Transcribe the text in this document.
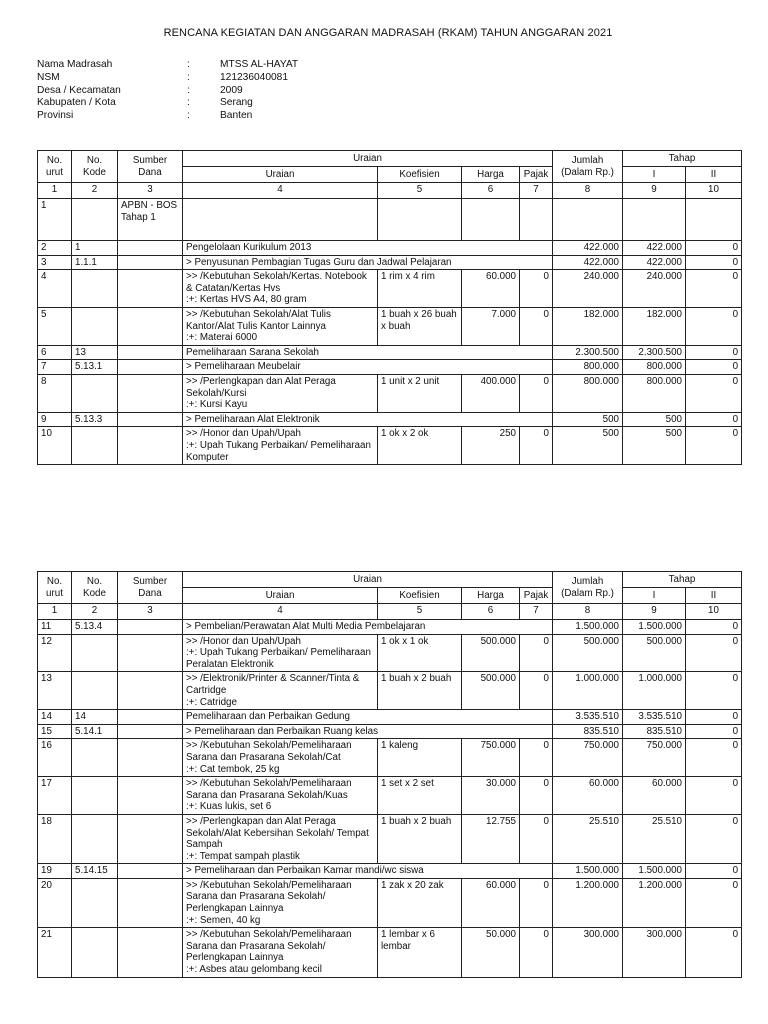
RENCANA KEGIATAN DAN ANGGARAN MADRASAH (RKAM) TAHUN ANGGARAN 2021
Nama Madrasah	:	MTSS AL-HAYAT
NSM	:	121236040081
Desa / Kecamatan	:	2009
Kabupaten / Kota	:	Serang
Provinsi	:	Banten
No. urut	No. Kode	Sumber Dana	Uraian				Jumlah (Dalam Rp.)	Tahap	
			Uraian	Koefisien	Harga	Pajak		I	II
1	2	3	4	5	6	7	8	9	10
1		APBN - BOS Tahap 1							
2	1		Pengelolaan Kurikulum 2013				422.000	422.000	0
3	1.1.1		> Penyusunan Pembagian Tugas Guru dan Jadwal Pelajaran				422.000	422.000	0
4			>> /Kebutuhan Sekolah/Kertas. Notebook & Catatan/Kertas Hvs
:+: Kertas HVS A4, 80 gram	1 rim x 4 rim	60.000	0	240.000	240.000	0
5			>> /Kebutuhan Sekolah/Alat Tulis Kantor/Alat Tulis Kantor Lainnya
:+: Materai 6000	1 buah x 26 buah x buah	7.000	0	182.000	182.000	0
6	13		Pemeliharaan Sarana Sekolah				2.300.500	2.300.500	0
7	5.13.1		> Pemeliharaan Meubelair				800.000	800.000	0
8			>> /Perlengkapan dan Alat Peraga Sekolah/Kursi
:+: Kursi Kayu	1 unit x 2 unit	400.000	0	800.000	800.000	0
9	5.13.3		> Pemeliharaan Alat Elektronik				500	500	0
10			>> /Honor dan Upah/Upah
:+: Upah Tukang Perbaikan/ Pemeliharaan Komputer	1 ok x 2 ok	250	0	500	500	0
No. urut	No. Kode	Sumber Dana	Uraian				Jumlah (Dalam Rp.)	Tahap	
			Uraian	Koefisien	Harga	Pajak		I	II
1	2	3	4	5	6	7	8	9	10
11	5.13.4		> Pembelian/Perawatan Alat Multi Media Pembelajaran				1.500.000	1.500.000	0
12			>> /Honor dan Upah/Upah
:+: Upah Tukang Perbaikan/ Pemeliharaan Peralatan Elektronik	1 ok x 1 ok	500.000	0	500.000	500.000	0
13			>> /Elektronik/Printer & Scanner/Tinta & Cartridge
:+: Catridge	1 buah x 2 buah	500.000	0	1.000.000	1.000.000	0
14	14		Pemeliharaan dan Perbaikan Gedung				3.535.510	3.535.510	0
15	5.14.1		> Pemeliharaan dan Perbaikan Ruang kelas				835.510	835.510	0
16			>> /Kebutuhan Sekolah/Pemeliharaan Sarana dan Prasarana Sekolah/Cat
:+: Cat tembok, 25 kg	1 kaleng	750.000	0	750.000	750.000	0
17			>> /Kebutuhan Sekolah/Pemeliharaan Sarana dan Prasarana Sekolah/Kuas
:+: Kuas lukis, set 6	1 set x 2 set	30.000	0	60.000	60.000	0
18			>> /Perlengkapan dan Alat Peraga Sekolah/Alat Kebersihan Sekolah/ Tempat Sampah
:+: Tempat sampah plastik	1 buah x 2 buah	12.755	0	25.510	25.510	0
19	5.14.15		> Pemeliharaan dan Perbaikan Kamar mandi/wc siswa				1.500.000	1.500.000	0
20			>> /Kebutuhan Sekolah/Pemeliharaan Sarana dan Prasarana Sekolah/ Perlengkapan Lainnya
:+: Semen, 40 kg	1 zak x 20 zak	60.000	0	1.200.000	1.200.000	0
21			>> /Kebutuhan Sekolah/Pemeliharaan Sarana dan Prasarana Sekolah/ Perlengkapan Lainnya
:+: Asbes atau gelombang kecil	1 lembar x 6 lembar	50.000	0	300.000	300.000	0
